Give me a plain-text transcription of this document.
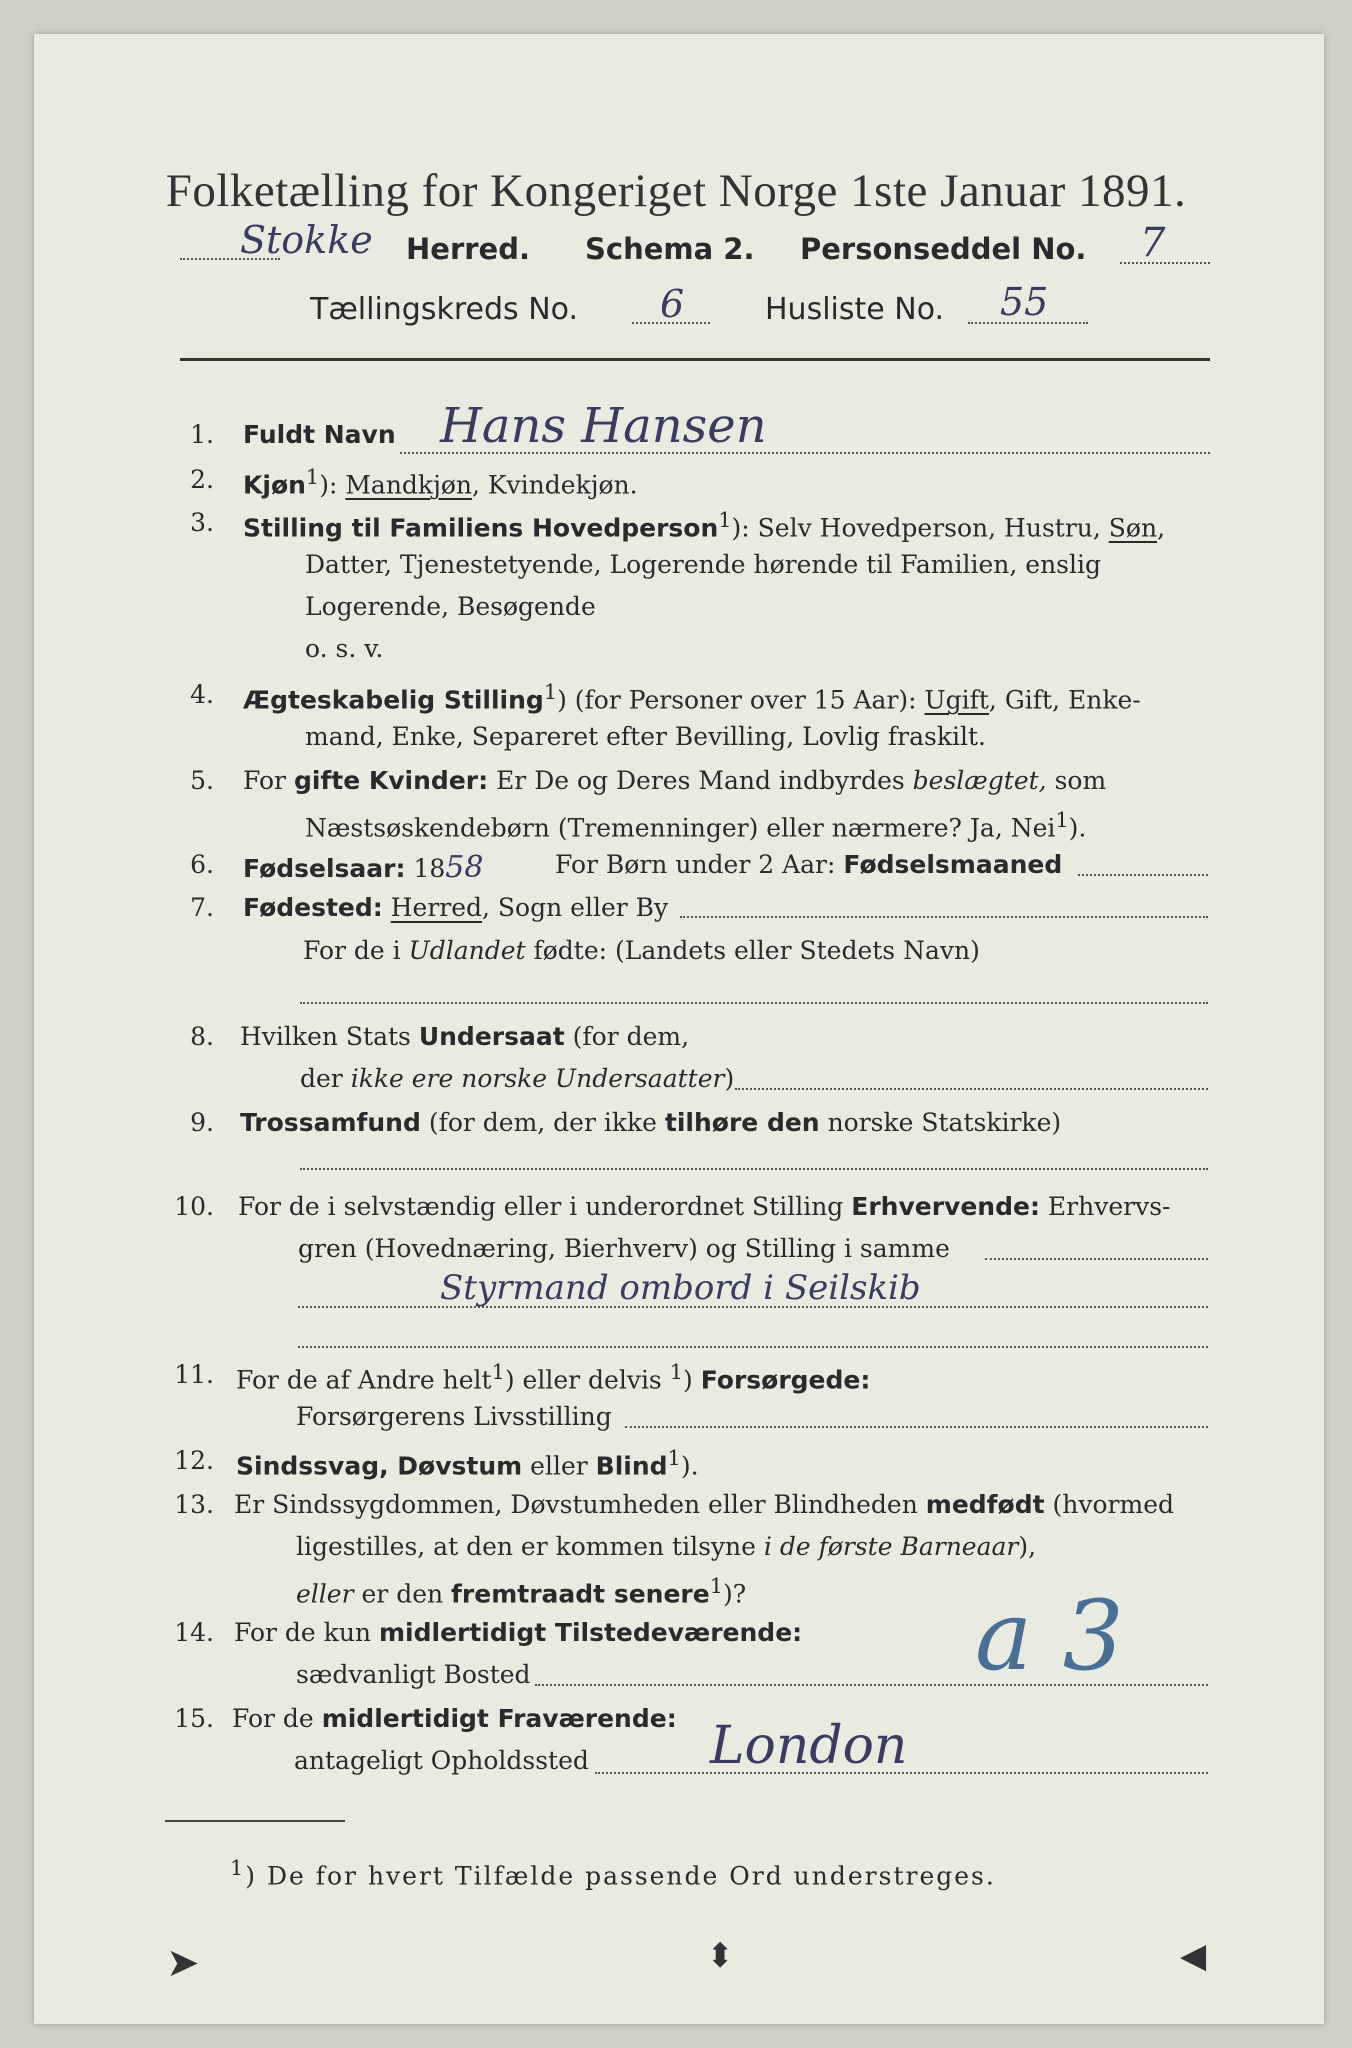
Folketælling for Kongeriget Norge 1ste Januar 1891.
Stokke Herred. Schema 2. Personseddel No. 7
Tællingskreds No. 6	Husliste No. 55
1. Fuldt Navn Hans Hansen
2. Kjøn$^1$): Mandkjøn, Kvindekjøn.
3. Stilling til Familiens Hovedperson$^1$): Selv Hovedperson, Hustru, Søn,
Datter, Tjenestetyende, Logerende hørende til Familien, enslig
Logerende, Besøgende
o. s. v.
4. Ægteskabelig Stilling$^1$) (for Personer over 15 Aar): Ugift, Gift, Enke-
mand, Enke, Separeret efter Bevilling, Lovlig fraskilt.
5. For gifte Kvinder: Er De og Deres Mand indbyrdes beslægtet, som
Næstsøskendebørn (Tremenninger) eller nærmere? Ja, Nei$^1$).
6. Fødselsaar: 1858	For Børn under 2 Aar: Fødselsmaaned
7. Fødested: Herred, Sogn eller By
For de i Udlandet fødte: (Landets eller Stedets Navn)
8. Hvilken Stats Undersaat (for dem,
der ikke ere norske Undersaatter)
9. Trossamfund (for dem, der ikke tilhøre den norske Statskirke)
10. For de i selvstændig eller i underordnet Stilling Erhvervende: Erhvervs-
gren (Hovednæring, Bierhverv) og Stilling i samme
Styrmand ombord i Seilskib
11. For de af Andre helt$^1$) eller delvis $^1$) Forsørgede:
Forsørgerens Livsstilling
12. Sindssvag, Døvstum eller Blind$^1$).
13. Er Sindssygdommen, Døvstumheden eller Blindheden medfødt (hvormed
ligestilles, at den er kommen tilsyne i de første Barneaar),
eller er den fremtraadt senere$^1$)?
14. For de kun midlertidigt Tilstedeværende:
sædvanligt Bosted	a 3
15. For de midlertidigt Fraværende:
antageligt Opholdssted London
$^1$) De for hvert Tilfælde passende Ord understreges.
➤	⬍	◀
